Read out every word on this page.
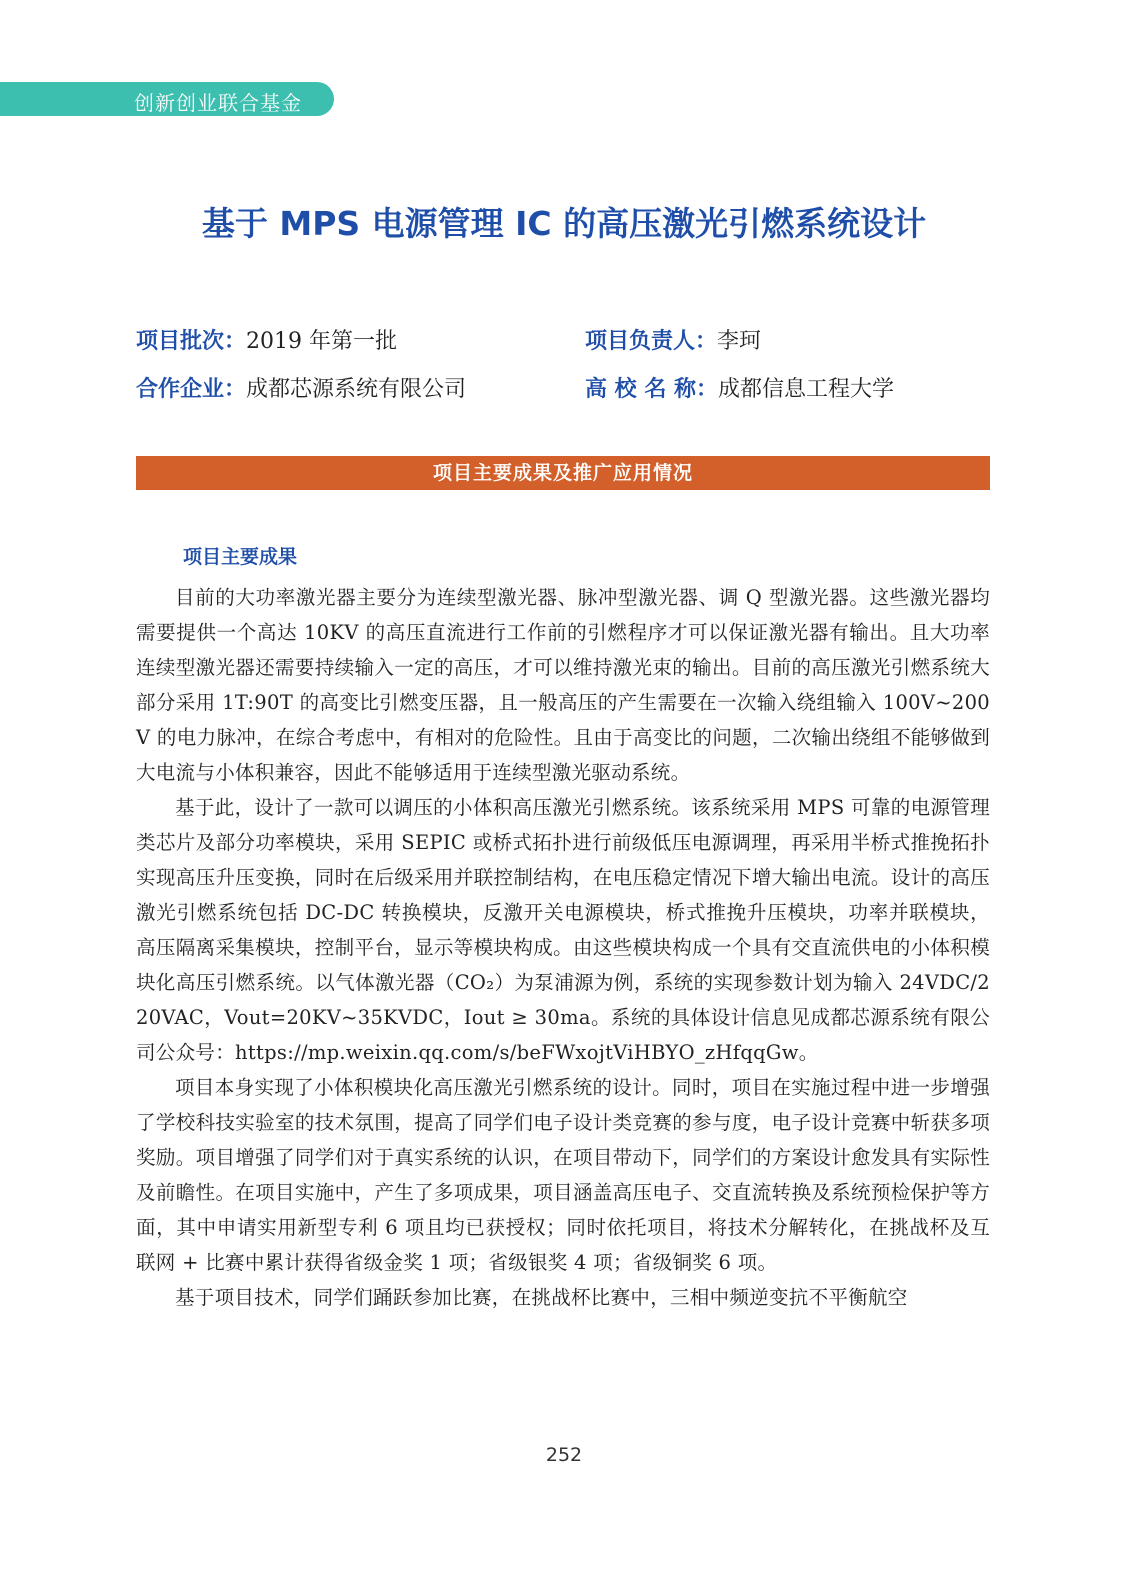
创新创业联合基金
基于 MPS 电源管理 IC 的高压激光引燃系统设计
项目批次：2019 年第一批	项目负责人：李珂
合作企业：成都芯源系统有限公司	高 校 名 称：成都信息工程大学
项目主要成果及推广应用情况
项目主要成果

目前的大功率激光器主要分为连续型激光器、脉冲型激光器、调 Q 型激光器。这些激光器均需要提供一个高达 10KV 的高压直流进行工作前的引燃程序才可以保证激光器有输出。且大功率连续型激光器还需要持续输入一定的高压，才可以维持激光束的输出。目前的高压激光引燃系统大部分采用 1T:90T 的高变比引燃变压器，且一般高压的产生需要在一次输入绕组输入 100V~200V 的电力脉冲，在综合考虑中，有相对的危险性。且由于高变比的问题，二次输出绕组不能够做到大电流与小体积兼容，因此不能够适用于连续型激光驱动系统。

基于此，设计了一款可以调压的小体积高压激光引燃系统。该系统采用 MPS 可靠的电源管理类芯片及部分功率模块，采用 SEPIC 或桥式拓扑进行前级低压电源调理，再采用半桥式推挽拓扑实现高压升压变换，同时在后级采用并联控制结构，在电压稳定情况下增大输出电流。设计的高压激光引燃系统包括 DC-DC 转换模块，反激开关电源模块，桥式推挽升压模块，功率并联模块，高压隔离采集模块，控制平台，显示等模块构成。由这些模块构成一个具有交直流供电的小体积模块化高压引燃系统。以气体激光器（CO₂）为泵浦源为例，系统的实现参数计划为输入 24VDC/220VAC，Vout=20KV~35KVDC，Iout ≥ 30ma。系统的具体设计信息见成都芯源系统有限公司公众号：https://mp.weixin.qq.com/s/beFWxojtViHBYO_zHfqqGw。

项目本身实现了小体积模块化高压激光引燃系统的设计。同时，项目在实施过程中进一步增强了学校科技实验室的技术氛围，提高了同学们电子设计类竞赛的参与度，电子设计竞赛中斩获多项奖励。项目增强了同学们对于真实系统的认识，在项目带动下，同学们的方案设计愈发具有实际性及前瞻性。在项目实施中，产生了多项成果，项目涵盖高压电子、交直流转换及系统预检保护等方面，其中申请实用新型专利 6 项且均已获授权；同时依托项目，将技术分解转化，在挑战杯及互联网 + 比赛中累计获得省级金奖 1 项；省级银奖 4 项；省级铜奖 6 项。

基于项目技术，同学们踊跃参加比赛，在挑战杯比赛中，三相中频逆变抗不平衡航空

252
